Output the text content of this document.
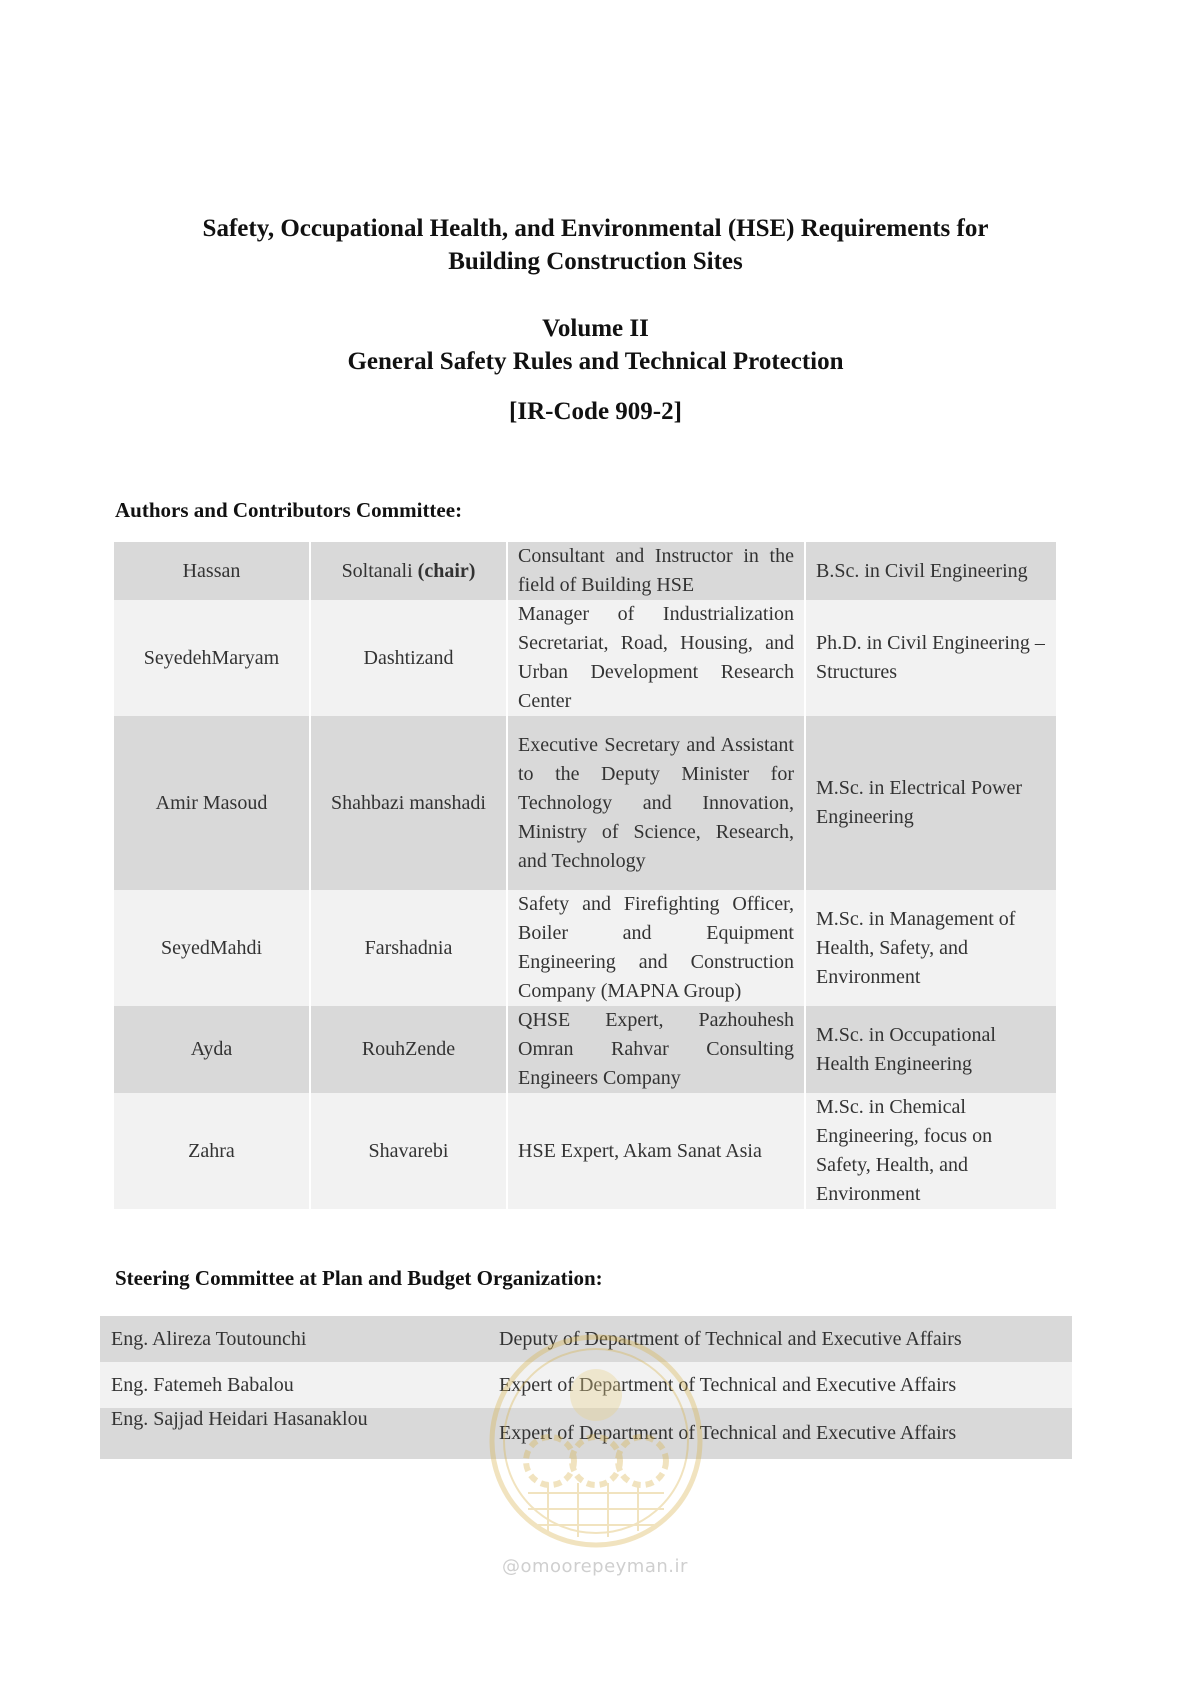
Safety, Occupational Health, and Environmental (HSE) Requirements for
Building Construction Sites
Volume II
General Safety Rules and Technical Protection
[IR-Code 909-2]
Authors and Contributors Committee:
Hassan	Soltanali (chair)	Consultant and Instructor in the field of Building HSE	B.Sc. in Civil Engineering
SeyedehMaryam	Dashtizand	Manager of Industrialization Secretariat, Road, Housing, and Urban Development Research Center	Ph.D. in Civil Engineering – Structures
Amir Masoud	Shahbazi manshadi	Executive Secretary and Assistant to the Deputy Minister for Technology and Innovation, Ministry of Science, Research, and Technology	M.Sc. in Electrical Power Engineering
SeyedMahdi	Farshadnia	Safety and Firefighting Officer, Boiler and Equipment Engineering and Construction Company (MAPNA Group)	M.Sc. in Management of Health, Safety, and Environment
Ayda	RouhZende	QHSE Expert, Pazhouhesh Omran Rahvar Consulting Engineers Company	M.Sc. in Occupational Health Engineering
Zahra	Shavarebi	HSE Expert, Akam Sanat Asia	M.Sc. in Chemical Engineering, focus on Safety, Health, and Environment
Steering Committee at Plan and Budget Organization:
Eng. Alireza Toutounchi	Deputy of Department of Technical and Executive Affairs
Eng. Fatemeh Babalou	Expert of Department of Technical and Executive Affairs
Eng. Sajjad Heidari Hasanaklou	Expert of Department of Technical and Executive Affairs
@omoorepeyman.ir
